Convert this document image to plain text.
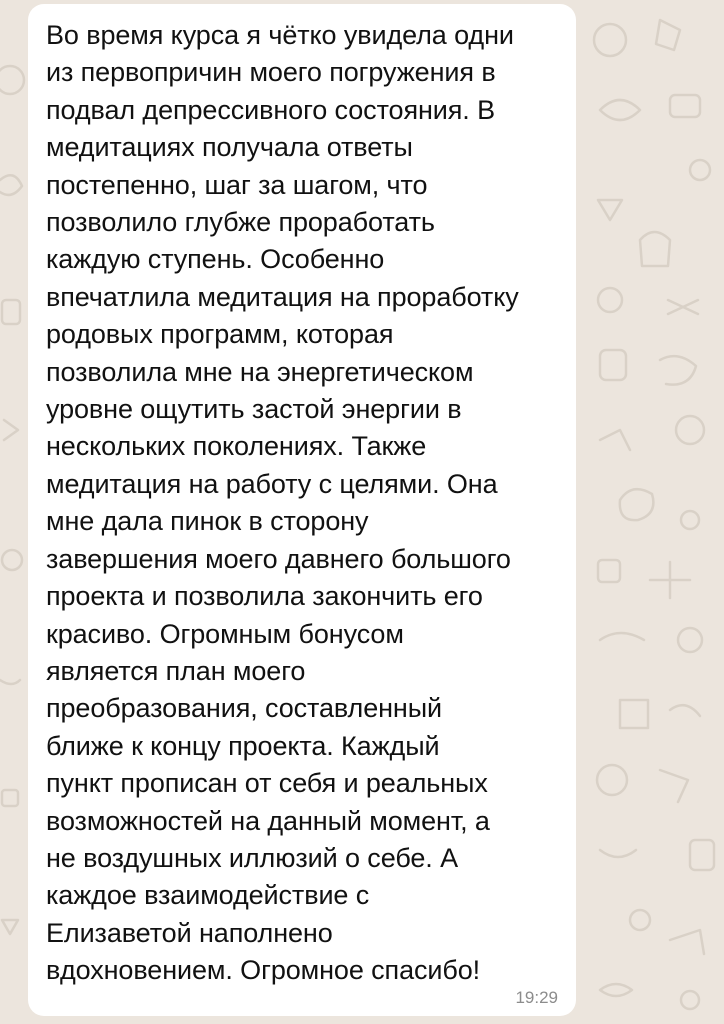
Во время курса я чётко увидела одни
из первопричин моего погружения в
подвал депрессивного состояния. В
медитациях получала ответы
постепенно, шаг за шагом, что
позволило глубже проработать
каждую ступень. Особенно
впечатлила медитация на проработку
родовых программ, которая
позволила мне на энергетическом
уровне ощутить застой энергии в
нескольких поколениях. Также
медитация на работу с целями. Она
мне дала пинок в сторону
завершения моего давнего большого
проекта и позволила закончить его
красиво. Огромным бонусом
является план моего
преобразования, составленный
ближе к концу проекта. Каждый
пункт прописан от себя и реальных
возможностей на данный момент, а
не воздушных иллюзий о себе. А
каждое взаимодействие с
Елизаветой наполнено
вдохновением. Огромное спасибо!

19:29
